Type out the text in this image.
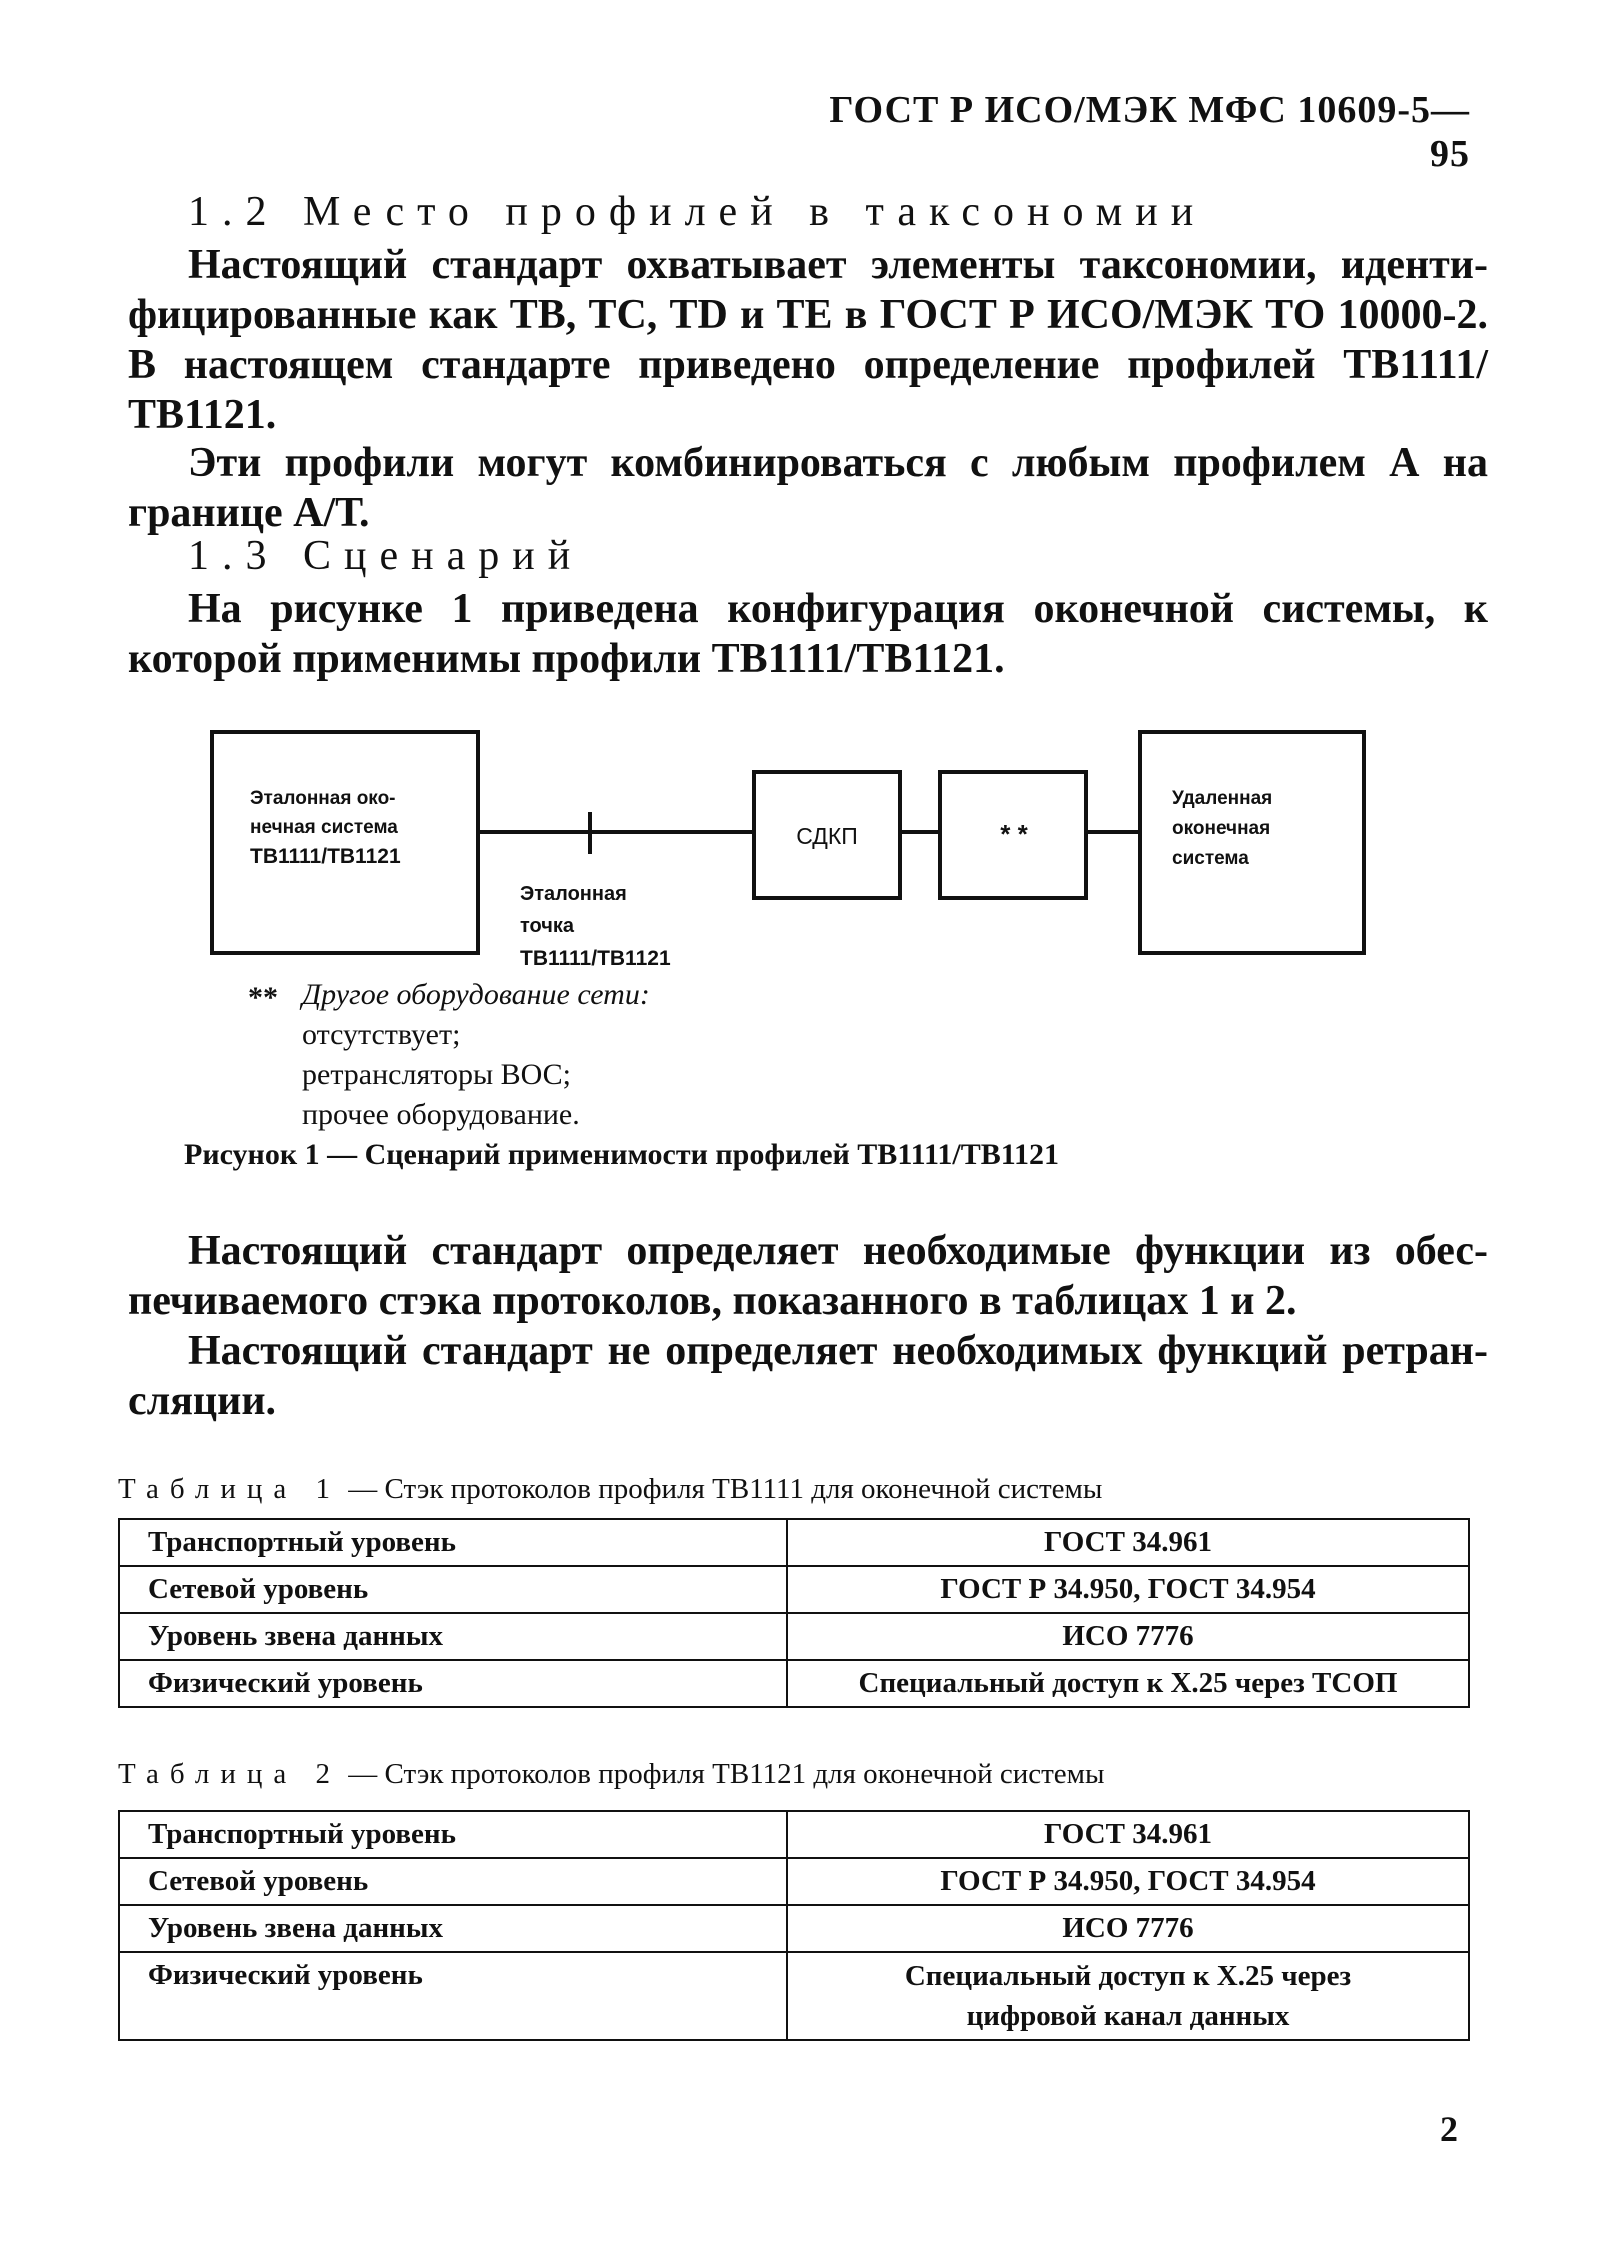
ГОСТ Р ИСО/МЭК МФС 10609-5—95
1.2 Место профилей в таксономии
Настоящий стандарт охватывает элементы таксономии, идентифицированные как ТВ, ТС, TD и ТЕ в ГОСТ Р ИСО/МЭК ТО 10000-2. В настоящем стандарте приведено определение профилей ТВ1111/ТВ1121.
Эти профили могут комбинироваться с любым профилем А на границе А/Т.
1.3 Сценарий
На рисунке 1 приведена конфигурация оконечной системы, к которой применимы профили ТВ1111/ТВ1121.
Эталонная око-
нечная система
ТВ1111/ТВ1121
Эталонная
точка
ТВ1111/ТВ1121
СДКП	* *
Удаленная
оконечная
система
** Другое оборудование сети:
отсутствует;
ретрансляторы ВОС;
прочее оборудование.
Рисунок 1 — Сценарий применимости профилей ТВ1111/ТВ1121
Настоящий стандарт определяет необходимые функции из обеспечиваемого стэка протоколов, показанного в таблицах 1 и 2.
Настоящий стандарт не определяет необходимых функций ретрансляции.
Таблица 1 — Стэк протоколов профиля ТВ1111 для оконечной системы
Транспортный уровень	ГОСТ 34.961
Сетевой уровень	ГОСТ Р 34.950, ГОСТ 34.954
Уровень звена данных	ИСО 7776
Физический уровень	Специальный доступ к Х.25 через ТСОП
Таблица 2 — Стэк протоколов профиля ТВ1121 для оконечной системы
Транспортный уровень	ГОСТ 34.961
Сетевой уровень	ГОСТ Р 34.950, ГОСТ 34.954
Уровень звена данных	ИСО 7776
Физический уровень	Специальный доступ к Х.25 через
цифровой канал данных
2
